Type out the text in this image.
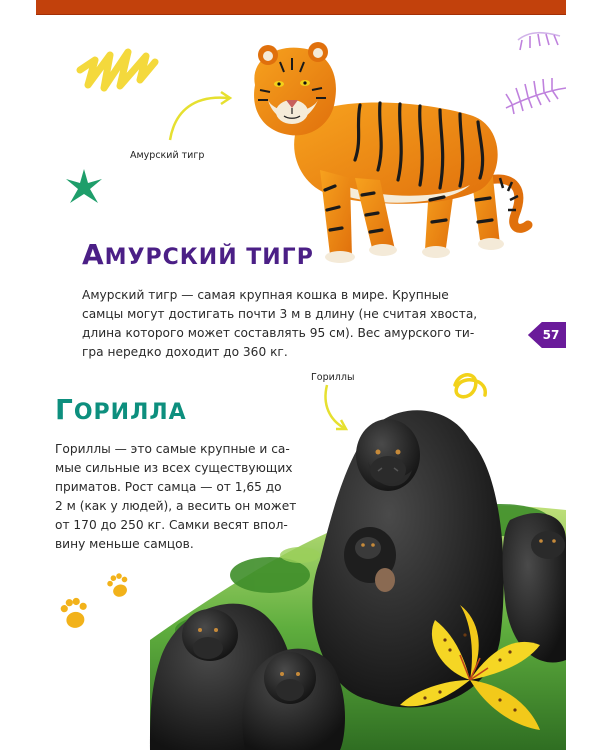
57
Амурский тигр
Гориллы
АМУРСКИЙ ТИГР
Амурский тигр — самая крупная кошка в мире. Крупные
самцы могут достигать почти 3 м в длину (не считая хвоста,
длина которого может составлять 95 см). Вес амурского ти-
гра нередко доходит до 360 кг.
ГОРИЛЛА
Гориллы — это самые крупные и са-
мые сильные из всех существующих
приматов. Рост самца — от 1,65 до
2 м (как у людей), а весить он может
от 170 до 250 кг. Самки весят впол-
вину меньше самцов.
